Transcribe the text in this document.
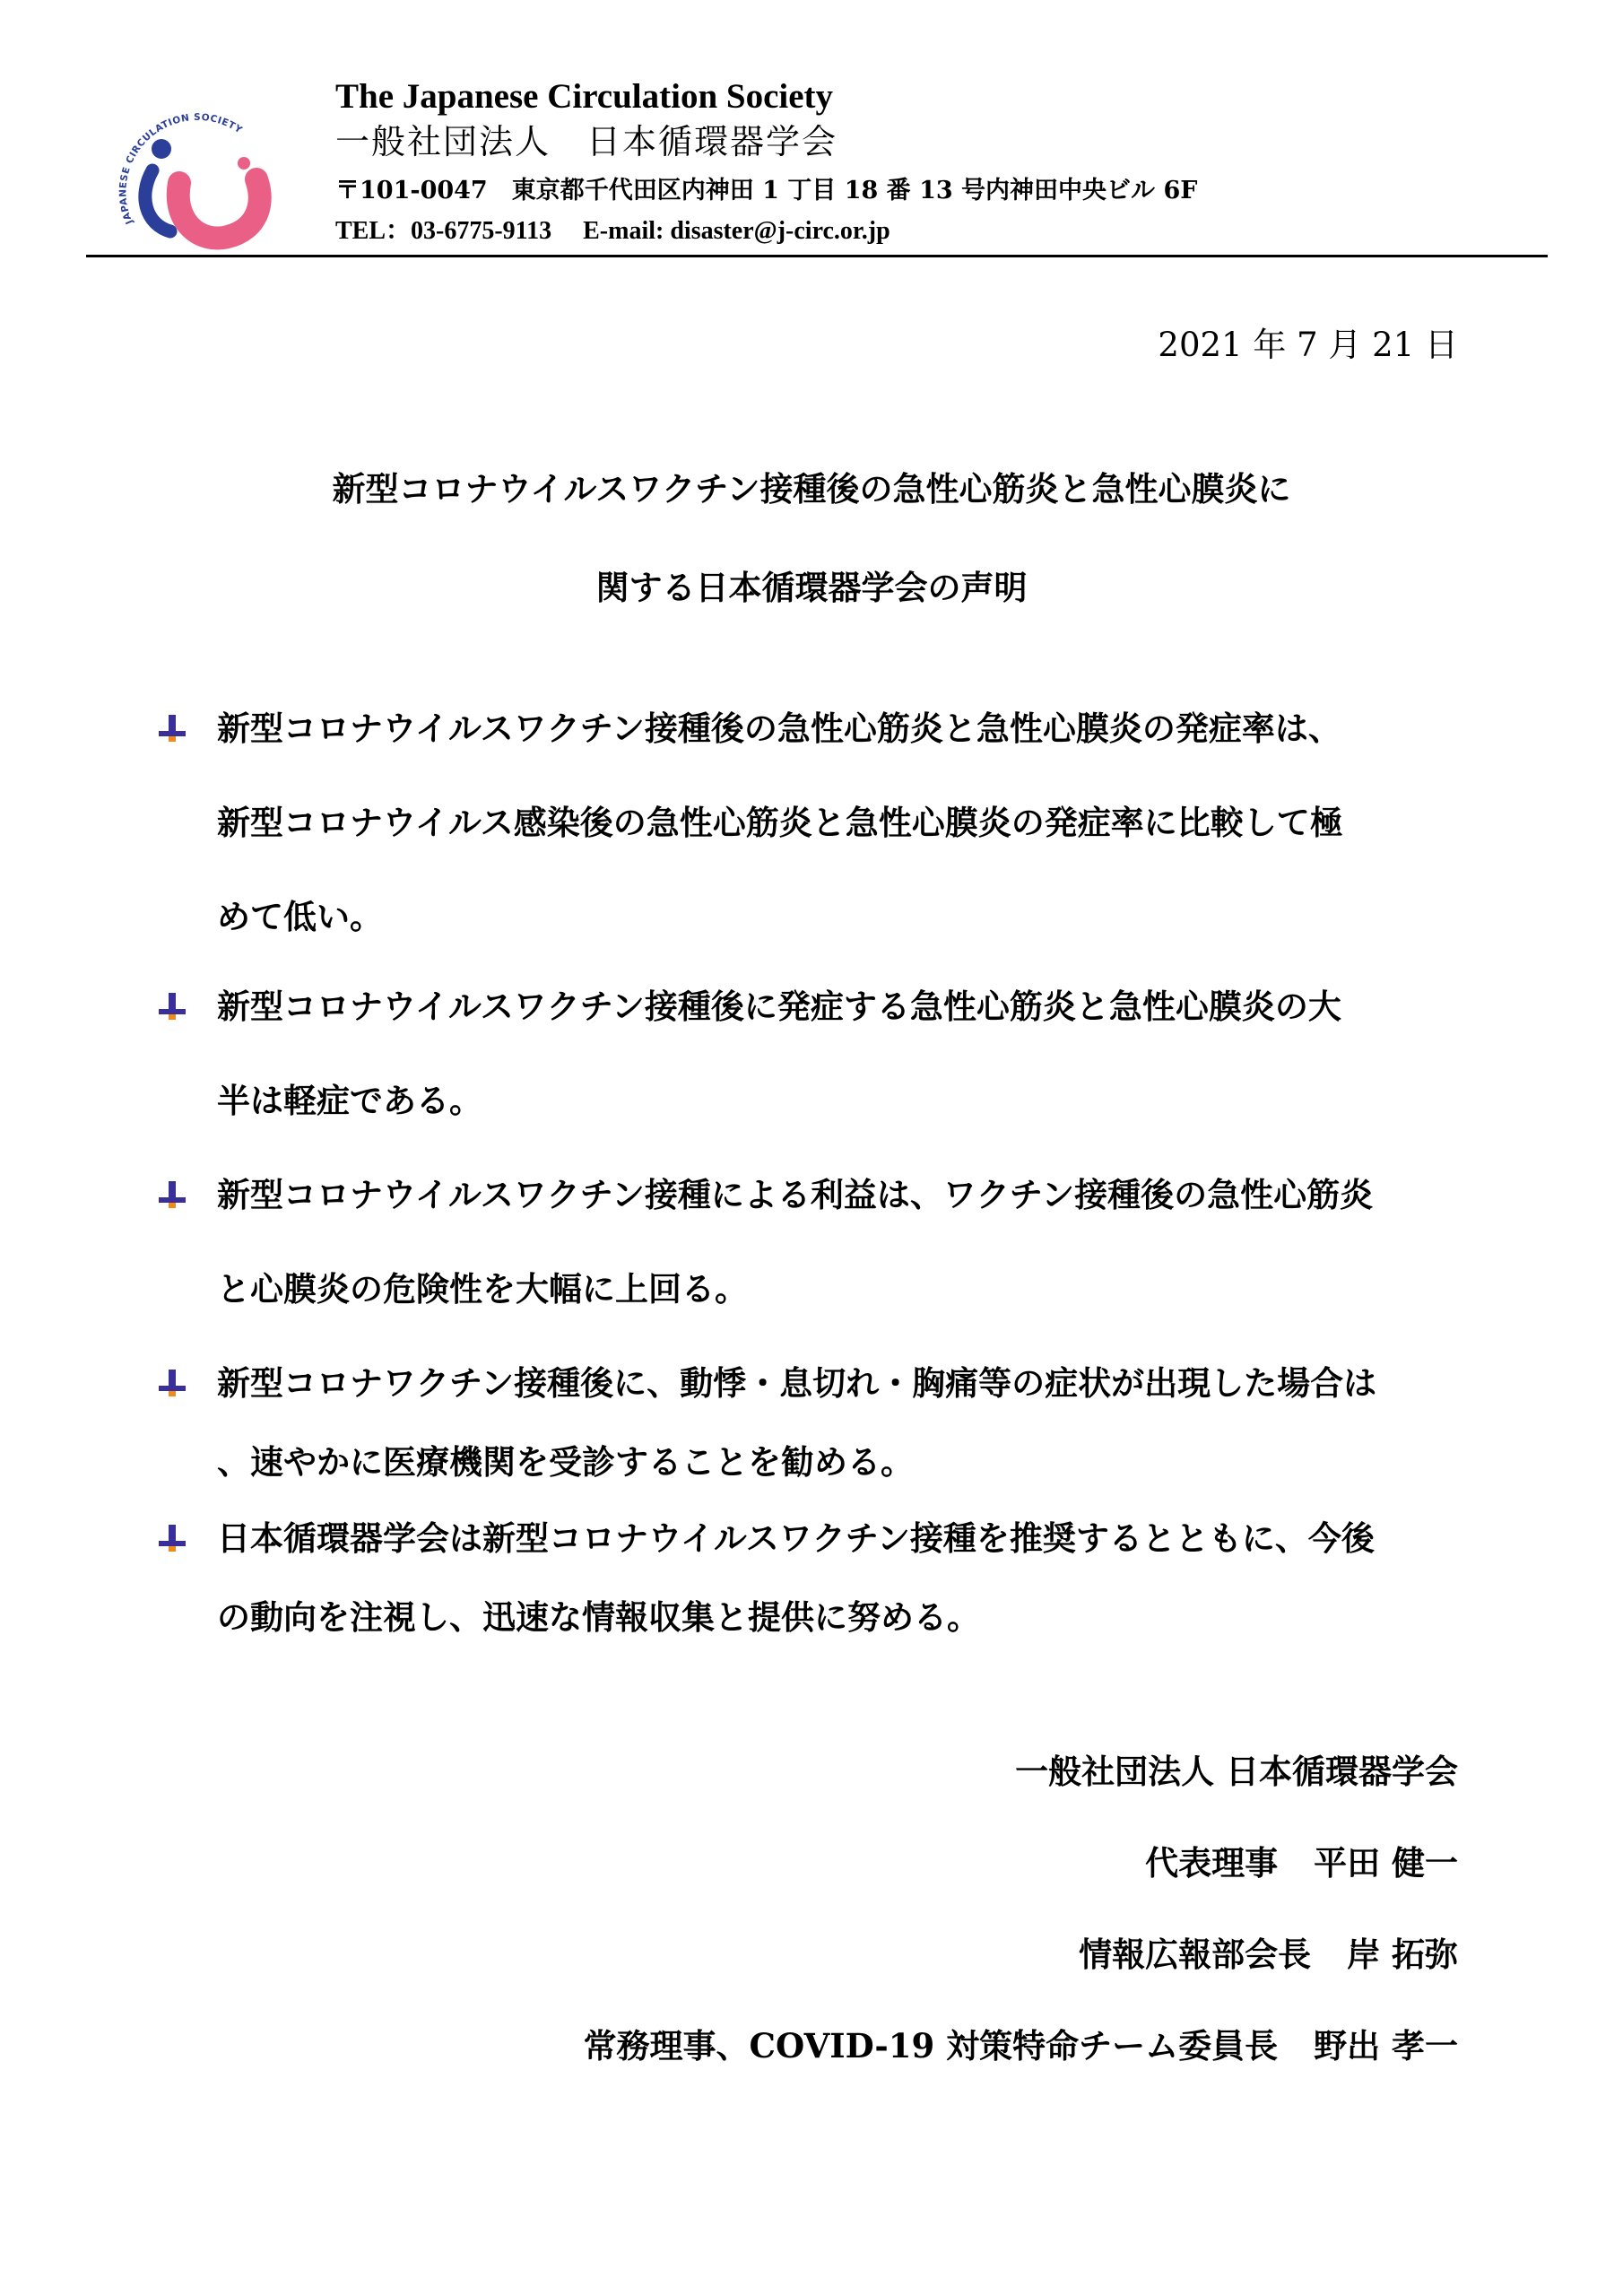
JAPANESE CIRCULATION SOCIETY
The Japanese Circulation Society
一般社団法人　日本循環器学会
〒101-0047　東京都千代田区内神田 1 丁目 18 番 13 号内神田中央ビル 6F
TEL：03-6775-9113　 E-mail: disaster@j-circ.or.jp
2021 年 7 月 21 日
新型コロナウイルスワクチン接種後の急性心筋炎と急性心膜炎に
関する日本循環器学会の声明
新型コロナウイルスワクチン接種後の急性心筋炎と急性心膜炎の発症率は、
新型コロナウイルス感染後の急性心筋炎と急性心膜炎の発症率に比較して極
めて低い。
新型コロナウイルスワクチン接種後に発症する急性心筋炎と急性心膜炎の大
半は軽症である。
新型コロナウイルスワクチン接種による利益は、ワクチン接種後の急性心筋炎
と心膜炎の危険性を大幅に上回る。
新型コロナワクチン接種後に、動悸・息切れ・胸痛等の症状が出現した場合は
、速やかに医療機関を受診することを勧める。
日本循環器学会は新型コロナウイルスワクチン接種を推奨するとともに、今後
の動向を注視し、迅速な情報収集と提供に努める。
一般社団法人 日本循環器学会
代表理事 平田 健一
情報広報部会長 岸 拓弥
常務理事、COVID-19 対策特命チーム委員長 野出 孝一
